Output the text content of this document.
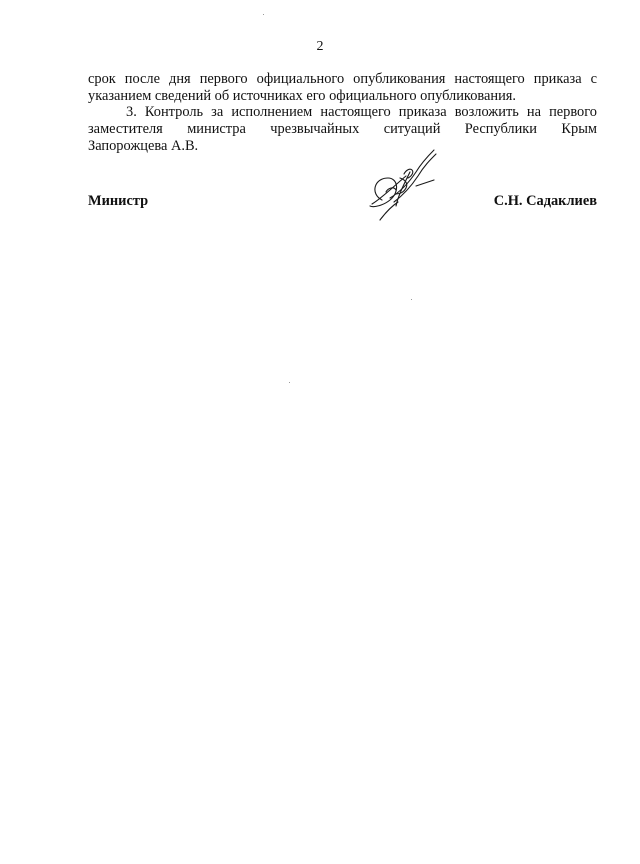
2
срок после дня первого официального опубликования настоящего приказа с
указанием сведений об источниках его официального опубликования.
3. Контроль за исполнением настоящего приказа возложить на первого
заместителя министра чрезвычайных ситуаций Республики Крым
Запорожцева А.В.
Министр	С.Н. Садаклиев
